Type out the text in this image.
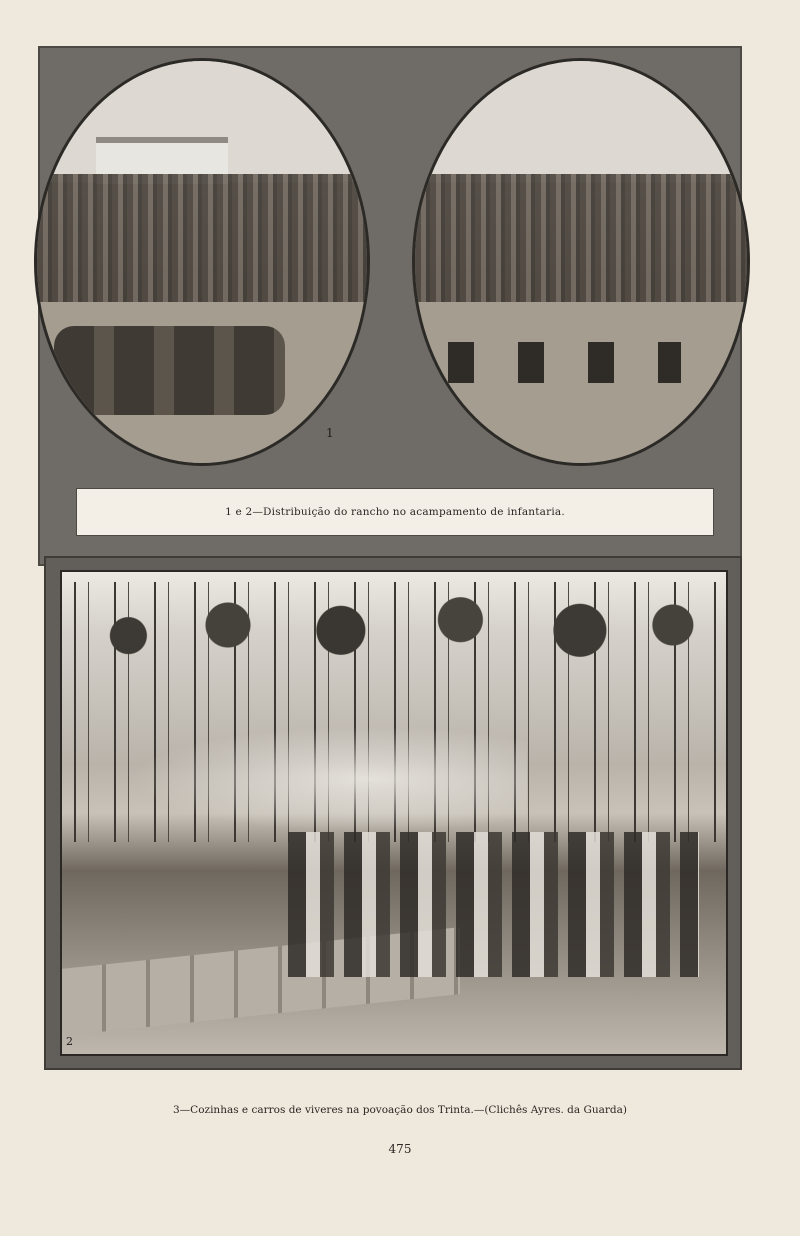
1
1 e 2—Distribuição do rancho no acampamento de infantaria.
2
3—Cozinhas e carros de viveres na povoação dos Trinta.—(Clichês Ayres. da Guarda)
475
